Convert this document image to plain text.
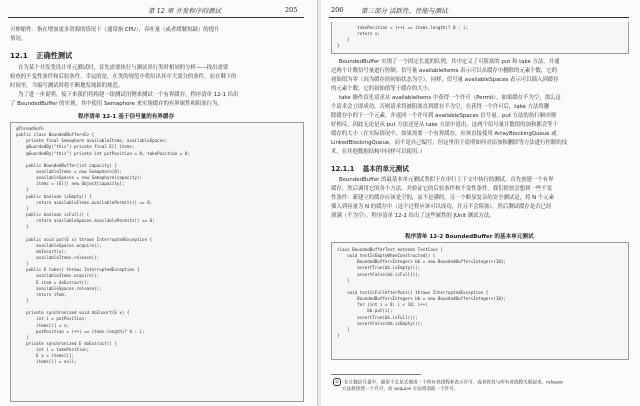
第 12 章 并发程序的测试	205
可伸缩性：指在增加更多资源的情况下（通常指 CPU），吞吐量（或者缓解短缺）的提升
情况。
12.1 正确性测试
在为某个并发类设计单元测试时，首先需要执行与测试串行类时相同的分析——找出需要
检查的不变性条件和后验条件。幸运的是，在类的规范中将给出其中大部分的条件，而在剩下的
时间里，当编写测试时将不断地发现新的规范。
为了进一步说明，接下来我们将构建一组测试用例来测试一个有界缓存。程序清单 12-1 给出
了 BoundedBuffer 的实现，其中使用 Semaphore 来实现缓存的有界属性和阻塞行为。
程序清单 12-1 基于信号量的有界缓存
@ThreadSafe
public class BoundedBuffer<E> {
private final Semaphore availableItems, availableSpaces;
@GuardedBy("this") private final E[] items;
@GuardedBy("this") private int putPosition = 0, takePosition = 0;
public BoundedBuffer(int capacity) {
availableItems = new Semaphore(0);
availableSpaces = new Semaphore(capacity);
items = (E[]) new Object[capacity];
}
public boolean isEmpty() {
return availableItems.availablePermits() == 0;
}
public boolean isFull() {
return availableSpaces.availablePermits() == 0;
}
public void put(E x) throws InterruptedException {
availableSpaces.acquire();
doInsert(x);
availableItems.release();
}
public E take() throws InterruptedException {
availableItems.acquire();
E item = doExtract();
availableSpaces.release();
return item;
}
private synchronized void doInsert(E x) {
int i = putPosition;
items[i] = x;
putPosition = (++i == items.length)? 0 : i;
}
private synchronized E doExtract() {
int i = takePosition;
E x = items[i];
items[i] = null;
206	第三部分 活跃性、性能与测试
takePosition = (++i == items.length)? 0 : i;
return x;
}
}
BoundedBuffer 实现了一个固定长度的队列，其中定义了可阻塞的 put 和 take 方法，并通
过两个计数信号量进行控制。信号量 availableItems 表示可以从缓存中删除的元素个数，它的
初始值为零（因为缓存的初始状态为空）。同样，信号量 availableSpaces 表示可以插入到缓存
的元素个数，它的初始值等于缓存的大小。
take 操作首先请求从 availableItems 中获得一个许可（Permit）。如果缓存不为空，那么这
个请求会立即成功，否则请求将被阻塞直到缓存不为空。在获得一个许可后，take 方法将删
除缓存中的下一个元素，并返回一个许可到 availableSpaces 信号量。put 方法的执行顺序刚
好相反，因此无论是从 put 方法还是从 take 方法中退出，这两个信号量计数值的加和都会等于
缓存的大小（在实际情况中，如果需要一个有界缓存，应该直接使用 ArrayBlockingQueue 或
LinkedBlockingQueue，而不是自己编写，但这里用于说明如何对添加和删除等方法进行控制的技
术，在其他数据结构中同样可以使用。）
12.1.1 基本的单元测试
BoundedBuffer 的最基本单元测试类似于在串行上下文中执行的测试。首先创建一个有界
缓存，然后调用它的各个方法，并验证它的后验条件和不变性条件。我们很快会想到一些不变
性条件：新建立的缓存应该是空的，而不是满的。另一个略显复杂的安全测试是，将 N 个元素
插入到容量为 N 的缓存中（这个过程应该可以成功，并且不会阻塞），然后测试缓存是否已经
填满（不为空）。程序清单 12-2 给出了这些属性的 JUnit 测试方法。
程序清单 12-2 BoundedBuffer 的基本单元测试
class BoundedBufferTest extends TestCase {
void testIsEmptyWhenConstructed() {
BoundedBuffer<Integer> bb = new BoundedBuffer<Integer>(10);
assertTrue(bb.isEmpty());
assertFalse(bb.isFull());
}
void testIsFullAfterPuts() throws InterruptedException {
BoundedBuffer<Integer> bb = new BoundedBuffer<Integer>(10);
for (int i = 0; i < 10; i++)
bb.put(i);
assertTrue(bb.isFull());
assertFalse(bb.isEmpty());
}
}
① 在计数信号量中，通常不会显式地用一个所有者线程来表示许可，或者将其与所有者线程关联起来。release
方法将创建一个许可，而 acquire 方法将消耗一个许可。
